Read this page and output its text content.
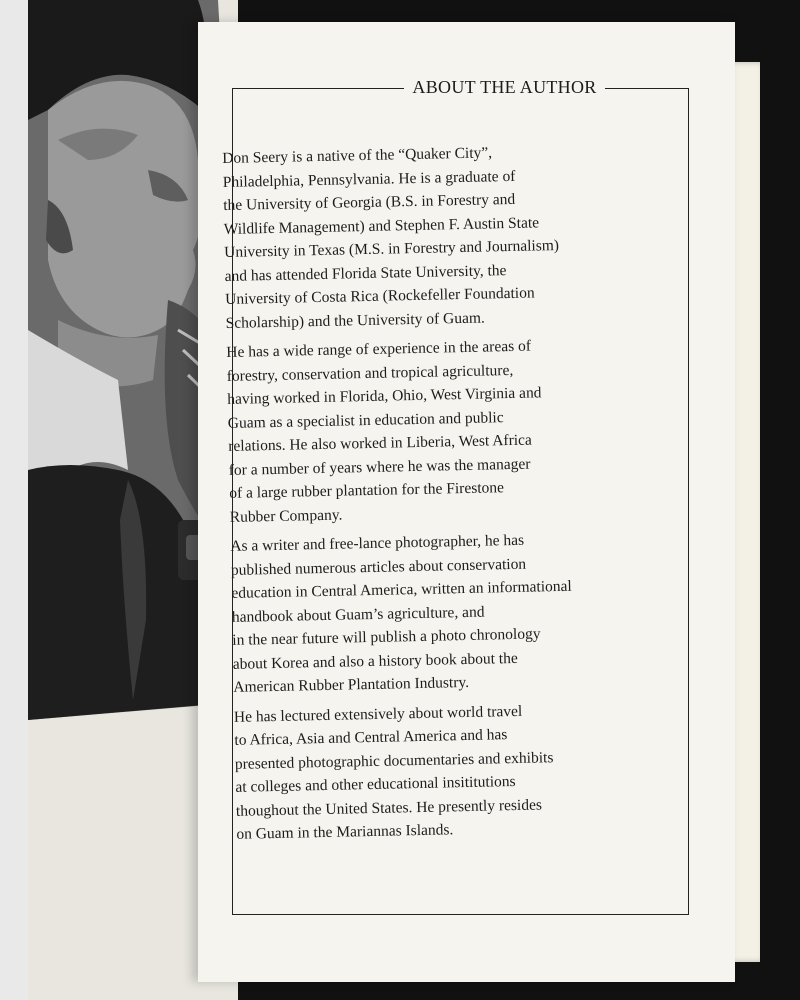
ABOUT THE AUTHOR

Don Seery is a native of the “Quaker City”,
Philadelphia, Pennsylvania. He is a graduate of
the University of Georgia (B.S. in Forestry and
Wildlife Management) and Stephen F. Austin State
University in Texas (M.S. in Forestry and Journalism)
and has attended Florida State University, the
University of Costa Rica (Rockefeller Foundation
Scholarship) and the University of Guam.

He has a wide range of experience in the areas of
forestry, conservation and tropical agriculture,
having worked in Florida, Ohio, West Virginia and
Guam as a specialist in education and public
relations. He also worked in Liberia, West Africa
for a number of years where he was the manager
of a large rubber plantation for the Firestone
Rubber Company.

As a writer and free-lance photographer, he has
published numerous articles about conservation
education in Central America, written an informational
handbook about Guam’s agriculture, and
in the near future will publish a photo chronology
about Korea and also a history book about the
American Rubber Plantation Industry.

He has lectured extensively about world travel
to Africa, Asia and Central America and has
presented photographic documentaries and exhibits
at colleges and other educational insititutions
thoughout the United States. He presently resides
on Guam in the Mariannas Islands.
